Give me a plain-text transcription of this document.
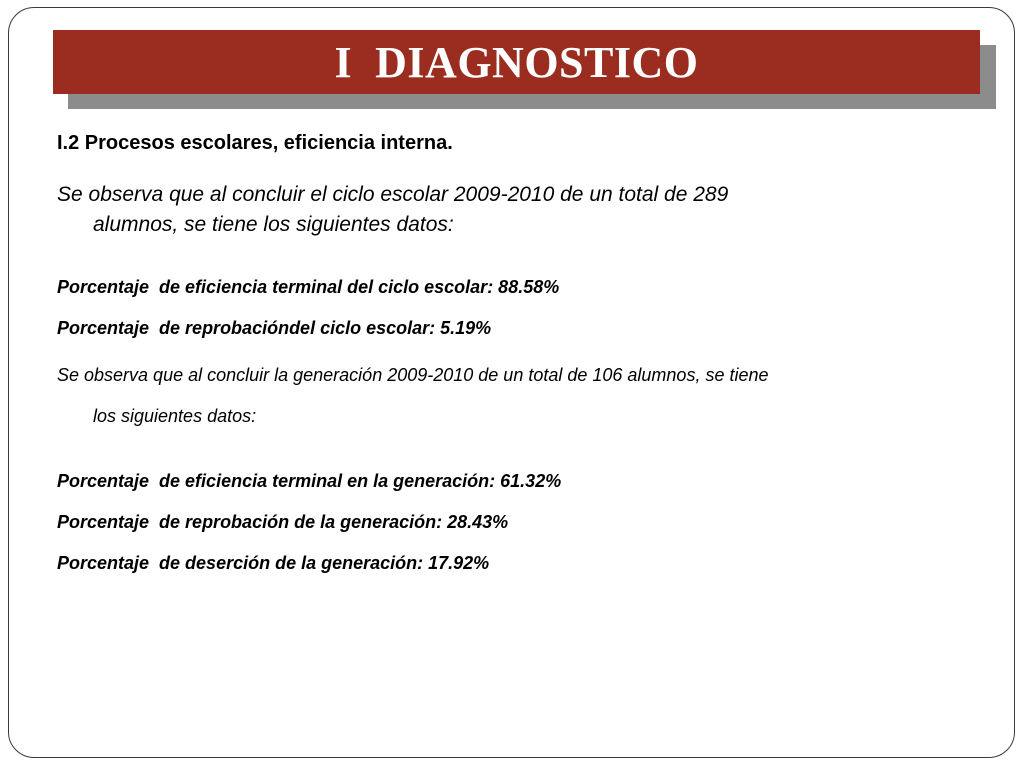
I  DIAGNOSTICO
I.2 Procesos escolares, eficiencia interna.
Se observa que al concluir el ciclo escolar 2009-2010 de un total de 289
alumnos, se tiene los siguientes datos:
Porcentaje  de eficiencia terminal del ciclo escolar: 88.58%
Porcentaje  de reprobacióndel ciclo escolar: 5.19%
Se observa que al concluir la generación 2009-2010 de un total de 106 alumnos, se tiene
los siguientes datos:
Porcentaje  de eficiencia terminal en la generación: 61.32%
Porcentaje  de reprobación de la generación: 28.43%
Porcentaje  de deserción de la generación: 17.92%
